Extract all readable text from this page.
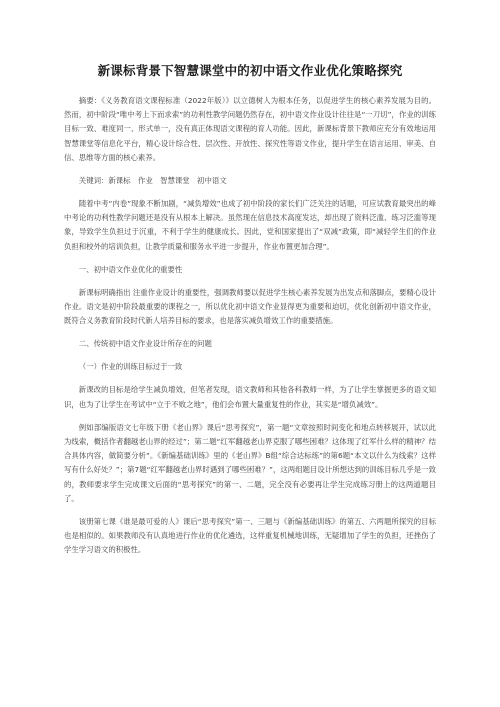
新课标背景下智慧课堂中的初中语文作业优化策略探究

摘要：《义务教育语文课程标准（2022年版）》以立德树人为根本任务，以促进学生的核心素养发展为目的。然而，初中阶段“唯中考上下而求索”的功利性教学问题仍然存在，初中语文作业设计往往是“一刀切”，作业的训练目标一致、难度同一、形式单一，没有真正体现语文课程的育人功能。因此，新课标背景下教师应充分有效地运用智慧课堂等信息化平台，精心设计综合性、层次性、开放性、探究性等语文作业，提升学生在语言运用、审美、自信、思维等方面的核心素养。

关键词：新课标　作业　智慧课堂　初中语文

随着中考“内卷”现象不断加剧，“减负增效”也成了初中阶段的家长们广泛关注的话题，可应试教育最突出的峰中考论的功利性教学问题还是没有从根本上解决。虽然现在信息技术高度发达，却出现了资料泛滥、练习泛滥等现象，导致学生负担过于沉重，不利于学生的健康成长。因此，党和国家提出了“双减”政策，即“减轻学生们的作业负担和校外的培训负担，让教学质量和服务水平进一步提升，作业布置更加合理”。

一、初中语文作业优化的重要性

新课标明确指出 注重作业设计的重要性，强调教师要以促进学生核心素养发展为出发点和落脚点，要精心设计作业。语文是初中阶段最重要的课程之一，所以优化初中语文作业显得更为重要和迫切，优化创新初中语文作业，既符合义务教育阶段时代新人培养目标的要求，也是落实减负增效工作的重要措施。

二、传统初中语文作业设计所存在的问题

（一）作业的训练目标过于一致

新课改的目标是给学生减负增效，但笔者发现，语文教师和其他各科教师一样，为了让学生掌握更多的语文知识，也为了让学生在考试中“立于不败之地”，他们会布置大量重复性的作业，其实是“增负减效”。

例如部编版语文七年级下册《老山界》课后“思考探究”，第一题“文章按照时间变化和地点转移展开，试以此为线索，概括作者翻越老山界的经过”；第二题“红军翻越老山界克服了哪些困难？这体现了红军什么样的精神？结合具体内容，做简要分析”。《新编基础训练》里的《老山界》B组“综合达标练”的第6题“本文以什么为线索？这样写有什么好处？”；第7题“红军翻越老山界时遇到了哪些困难？”，这两组题目设计所想达到的训练目标几乎是一致的，教师要求学生完成课文后面的“思考探究”的第一、二题，完全没有必要再让学生完成练习册上的这两道题目了。

该册第七课《谁是最可爱的人》课后“思考探究”第一、三题与《新编基础训练》的第五、六两题所探究的目标也是相似的。如果教师没有认真地进行作业的优化遴选，这样重复机械地训练，无疑增加了学生的负担，还挫伤了学生学习语文的积极性。
